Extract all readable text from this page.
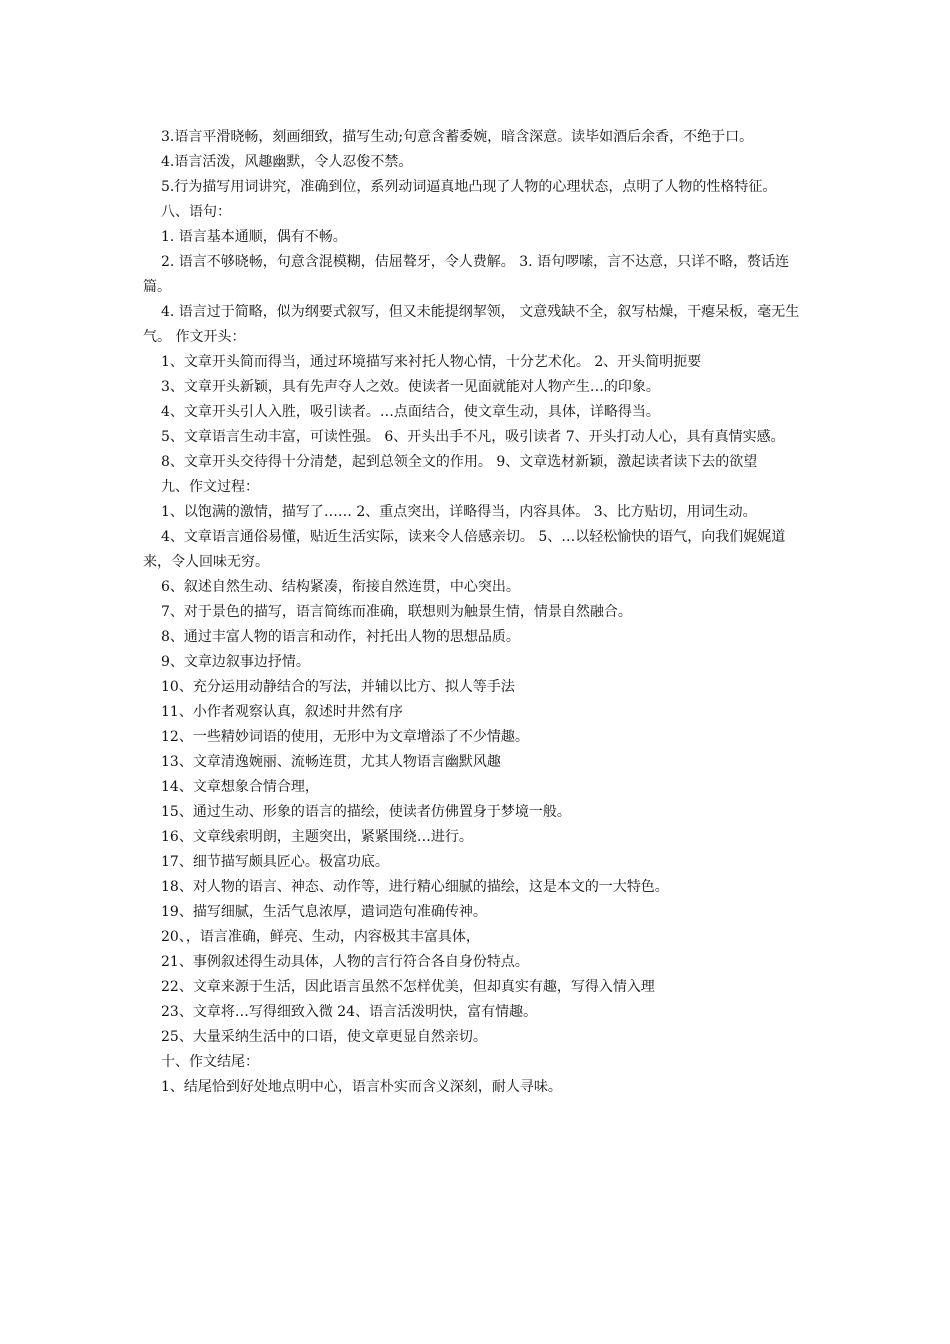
3.语言平滑晓畅，刻画细致，描写生动;句意含蓄委婉，暗含深意。读毕如酒后余香，不绝于口。

4.语言活泼，风趣幽默，令人忍俊不禁。

5.行为描写用词讲究，准确到位，系列动词逼真地凸现了人物的心理状态，点明了人物的性格特征。

八、语句：

1. 语言基本通顺，偶有不畅。

2. 语言不够晓畅，句意含混模糊，佶屈聱牙，令人费解。 3. 语句啰嗦，言不达意，只详不略，赘话连篇。

4. 语言过于简略，似为纲要式叙写，但又未能提纲挈领， 文意残缺不全，叙写枯燥，干瘪呆板，毫无生气。 作文开头：

1、文章开头简而得当，通过环境描写来衬托人物心情，十分艺术化。 2、开头简明扼要

3、文章开头新颖，具有先声夺人之效。使读者一见面就能对人物产生…的印象。

4、文章开头引人入胜，吸引读者。…点面结合，使文章生动，具体，详略得当。

5、文章语言生动丰富，可读性强。 6、开头出手不凡，吸引读者 7、开头打动人心，具有真情实感。

8、文章开头交待得十分清楚，起到总领全文的作用。 9、文章选材新颖，激起读者读下去的欲望

九、作文过程：

1、以饱满的激情，描写了…… 2、重点突出，详略得当，内容具体。 3、比方贴切，用词生动。

4、文章语言通俗易懂，贴近生活实际，读来令人倍感亲切。 5、…以轻松愉快的语气，向我们娓娓道来，令人回味无穷。

6、叙述自然生动、结构紧凑，衔接自然连贯，中心突出。

7、对于景色的描写，语言简练而准确，联想则为触景生情，情景自然融合。

8、通过丰富人物的语言和动作，衬托出人物的思想品质。

9、文章边叙事边抒情。

10、充分运用动静结合的写法，并辅以比方、拟人等手法

11、小作者观察认真，叙述时井然有序

12、一些精妙词语的使用，无形中为文章增添了不少情趣。

13、文章清逸婉丽、流畅连贯，尤其人物语言幽默风趣

14、文章想象合情合理，

15、通过生动、形象的语言的描绘，使读者仿佛置身于梦境一般。

16、文章线索明朗，主题突出，紧紧围绕…进行。

17、细节描写颇具匠心。极富功底。

18、对人物的语言、神态、动作等，进行精心细腻的描绘，这是本文的一大特色。

19、描写细腻，生活气息浓厚，遣词造句准确传神。

20、，语言准确，鲜亮、生动，内容极其丰富具体，

21、事例叙述得生动具体，人物的言行符合各自身份特点。

22、文章来源于生活，因此语言虽然不怎样优美，但却真实有趣，写得入情入理

23、文章将…写得细致入微 24、语言活泼明快，富有情趣。

25、大量采纳生活中的口语，使文章更显自然亲切。

十、作文结尾：

1、结尾恰到好处地点明中心，语言朴实而含义深刻，耐人寻味。
